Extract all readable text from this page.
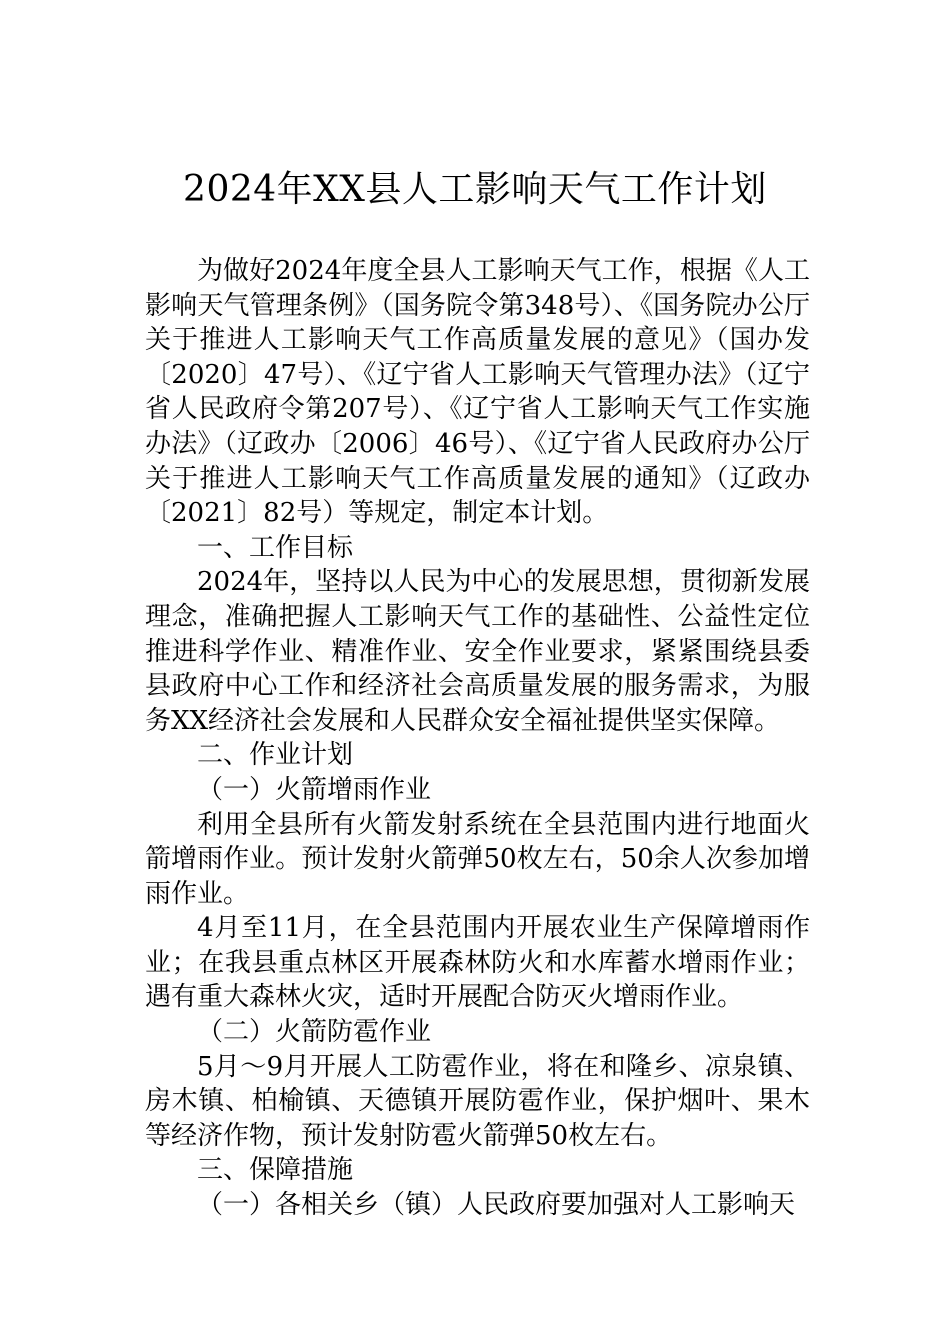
2024年XX县人工影响天气工作计划

为做好2024年度全县人工影响天气工作，根据《人工影响天气管理条例》（国务院令第348号）、《国务院办公厅关于推进人工影响天气工作高质量发展的意见》（国办发〔2020〕47号）、《辽宁省人工影响天气管理办法》（辽宁省人民政府令第207号）、《辽宁省人工影响天气工作实施办法》（辽政办〔2006〕46号）、《辽宁省人民政府办公厅关于推进人工影响天气工作高质量发展的通知》（辽政办〔2021〕82号）等规定，制定本计划。

一、工作目标

2024年，坚持以人民为中心的发展思想，贯彻新发展理念，准确把握人工影响天气工作的基础性、公益性定位推进科学作业、精准作业、安全作业要求，紧紧围绕县委县政府中心工作和经济社会高质量发展的服务需求，为服务XX经济社会发展和人民群众安全福祉提供坚实保障。

二、作业计划

（一）火箭增雨作业

利用全县所有火箭发射系统在全县范围内进行地面火箭增雨作业。预计发射火箭弹50枚左右，50余人次参加增雨作业。

4月至11月，在全县范围内开展农业生产保障增雨作业；在我县重点林区开展森林防火和水库蓄水增雨作业；遇有重大森林火灾，适时开展配合防灭火增雨作业。

（二）火箭防雹作业

5月～9月开展人工防雹作业，将在和隆乡、凉泉镇、房木镇、柏榆镇、天德镇开展防雹作业，保护烟叶、果木等经济作物，预计发射防雹火箭弹50枚左右。

三、保障措施

（一）各相关乡（镇）人民政府要加强对人工影响天
